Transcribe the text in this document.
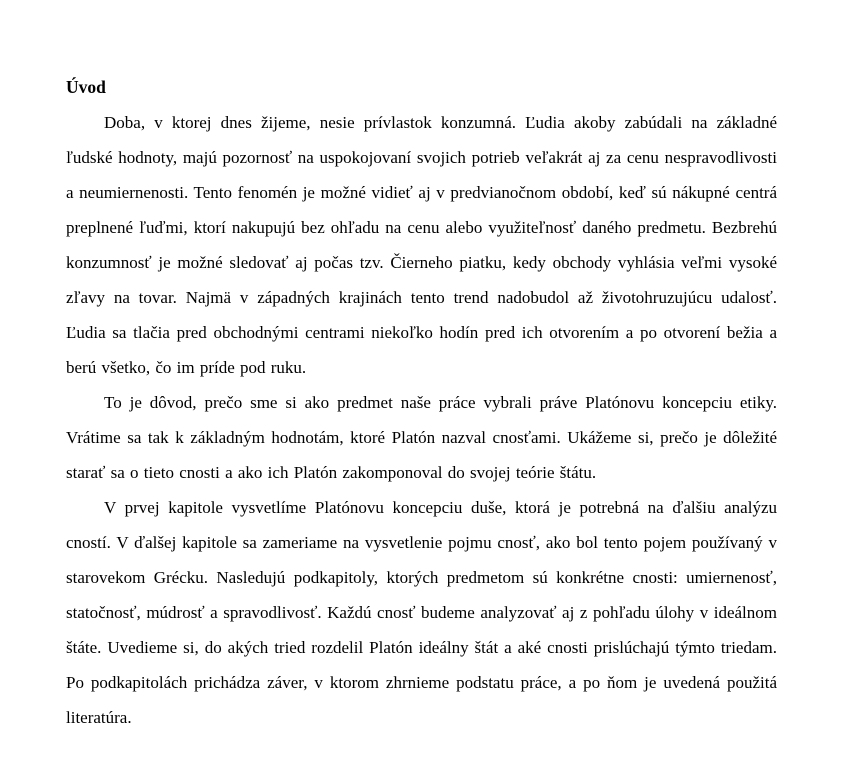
Úvod

Doba, v ktorej dnes žijeme, nesie prívlastok konzumná. Ľudia akoby zabúdali na základné ľudské hodnoty, majú pozornosť na uspokojovaní svojich potrieb veľakrát aj za cenu nespravodlivosti a neumiernenosti. Tento fenomén je možné vidieť aj v predvianočnom období, keď sú nákupné centrá preplnené ľuďmi, ktorí nakupujú bez ohľadu na cenu alebo využiteľnosť daného predmetu. Bezbrehú konzumnosť je možné sledovať aj počas tzv. Čierneho piatku, kedy obchody vyhlásia veľmi vysoké zľavy na tovar. Najmä v západných krajinách tento trend nadobudol až životohruzujúcu udalosť. Ľudia sa tlačia pred obchodnými centrami niekoľko hodín pred ich otvorením a po otvorení bežia a berú všetko, čo im príde pod ruku.

To je dôvod, prečo sme si ako predmet naše práce vybrali práve Platónovu koncepciu etiky. Vrátime sa tak k základným hodnotám, ktoré Platón nazval cnosťami. Ukážeme si, prečo je dôležité starať sa o tieto cnosti a ako ich Platón zakomponoval do svojej teórie štátu.

V prvej kapitole vysvetlíme Platónovu koncepciu duše, ktorá je potrebná na ďalšiu analýzu cností. V ďalšej kapitole sa zameriame na vysvetlenie pojmu cnosť, ako bol tento pojem používaný v starovekom Grécku. Nasledujú podkapitoly, ktorých predmetom sú konkrétne cnosti: umiernenosť, statočnosť, múdrosť a spravodlivosť. Každú cnosť budeme analyzovať aj z pohľadu úlohy v ideálnom štáte. Uvedieme si, do akých tried rozdelil Platón ideálny štát a aké cnosti prislúchajú týmto triedam. Po podkapitolách prichádza záver, v ktorom zhrnieme podstatu práce, a po ňom je uvedená použitá literatúra.
